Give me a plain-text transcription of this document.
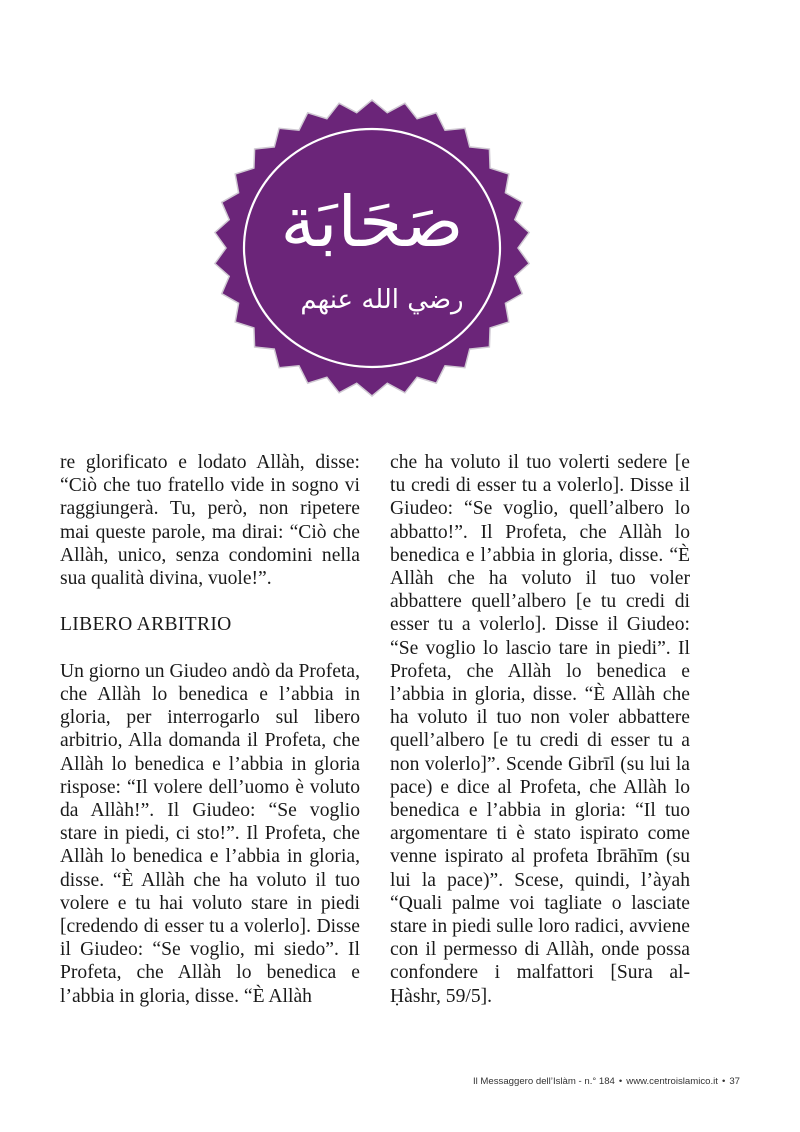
صَحَابَة
رضي الله عنهم

re glorificato e lodato Allàh, disse: “Ciò che tuo fratello vide in sogno vi raggiungerà. Tu, però, non ripetere mai queste parole, ma dirai: “Ciò che Allàh, unico, senza condomini nella sua qualità divina, vuole!”.

LIBERO ARBITRIO

Un giorno un Giudeo andò da Profeta, che Allàh lo benedica e l’abbia in gloria, per interrogarlo sul libero arbitrio, Alla domanda il Profeta, che Allàh lo benedica e l’abbia in gloria rispose: “Il volere dell’uomo è voluto da Allàh!”. Il Giudeo: “Se voglio stare in piedi, ci sto!”. Il Profeta, che Allàh lo benedica e l’abbia in gloria, disse. “È Allàh che ha voluto il tuo volere e tu hai voluto stare in piedi [credendo di esser tu a volerlo]. Disse il Giudeo: “Se voglio, mi siedo”. Il Profeta, che Allàh lo benedica e l’abbia in gloria, disse. “È Allàh

che ha voluto il tuo volerti sedere [e tu credi di esser tu a volerlo]. Disse il Giudeo: “Se voglio, quell’albero lo abbatto!”. Il Profeta, che Allàh lo benedica e l’abbia in gloria, disse. “È Allàh che ha voluto il tuo voler abbattere quell’albero [e tu credi di esser tu a volerlo]. Disse il Giudeo: “Se voglio lo lascio tare in piedi”. Il Profeta, che Allàh lo benedica e l’abbia in gloria, disse. “È Allàh che ha voluto il tuo non voler abbattere quell’albero [e tu credi di esser tu a non volerlo]”. Scende Gibrīl (su lui la pace) e dice al Profeta, che Allàh lo benedica e l’abbia in gloria: “Il tuo argomentare ti è stato ispirato come venne ispirato al profeta Ibrāhīm (su lui la pace)”. Scese, quindi, l’àyah “Quali palme voi tagliate o lasciate stare in piedi sulle loro radici, avviene con il permesso di Allàh, onde possa confondere i malfattori [Sura al-Ḥàshr, 59/5].

Il Messaggero dell’Islàm - n.° 184 • www.centroislamico.it • 37
